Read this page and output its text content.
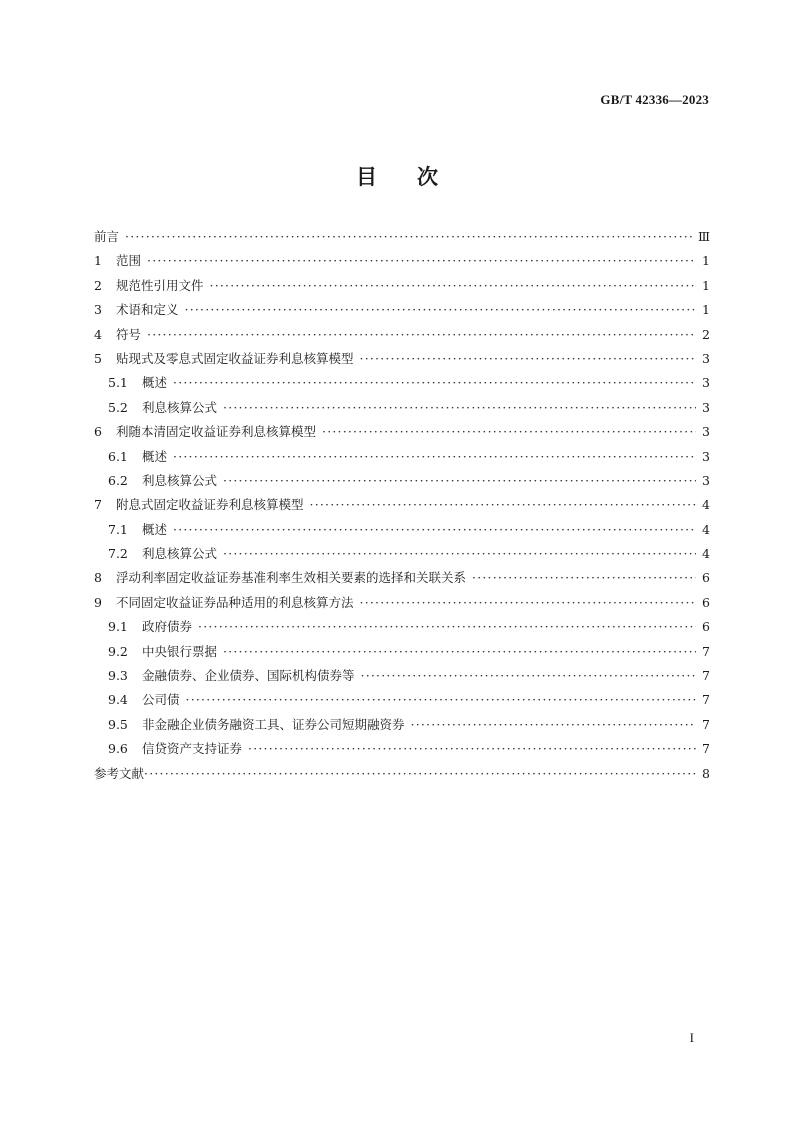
GB/T 42336—2023
目 次
前言 ·····	Ⅲ
1	范围 ·····	1
2	规范性引用文件 ·····	1
3	术语和定义 ·····	1
4	符号 ·····	2
5	贴现式及零息式固定收益证券利息核算模型 ·····	3
5.1	概述 ·····	3
5.2	利息核算公式 ·····	3
6	利随本清固定收益证券利息核算模型 ·····	3
6.1	概述 ·····	3
6.2	利息核算公式 ·····	3
7	附息式固定收益证券利息核算模型 ·····	4
7.1	概述 ·····	4
7.2	利息核算公式 ·····	4
8	浮动利率固定收益证券基准利率生效相关要素的选择和关联关系 ·····	6
9	不同固定收益证券品种适用的利息核算方法 ·····	6
9.1	政府债券 ·····	6
9.2	中央银行票据 ·····	7
9.3	金融债券、企业债券、国际机构债券等 ·····	7
9.4	公司债 ·····	7
9.5	非金融企业债务融资工具、证券公司短期融资券 ·····	7
9.6	信贷资产支持证券 ·····	7
参考文献 ·····	8
I
